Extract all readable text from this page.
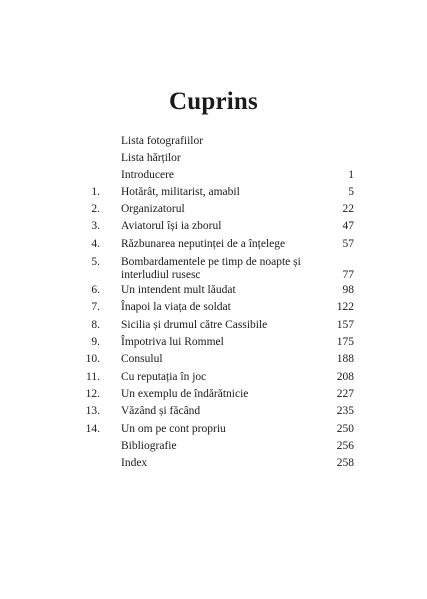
Cuprins
Lista fotografiilor
Lista hărților
Introducere	1
1. Hotărât, militarist, amabil	5
2. Organizatorul	22
3. Aviatorul își ia zborul	47
4. Răzbunarea neputinței de a înțelege	57
5. Bombardamentele pe timp de noapte și interludiul rusesc	77
6. Un intendent mult lăudat	98
7. Înapoi la viața de soldat	122
8. Sicilia și drumul către Cassibile	157
9. Împotriva lui Rommel	175
10. Consulul	188
11. Cu reputația în joc	208
12. Un exemplu de îndărătnicie	227
13. Văzând și făcând	235
14. Un om pe cont propriu	250
Bibliografie	256
Index	258
